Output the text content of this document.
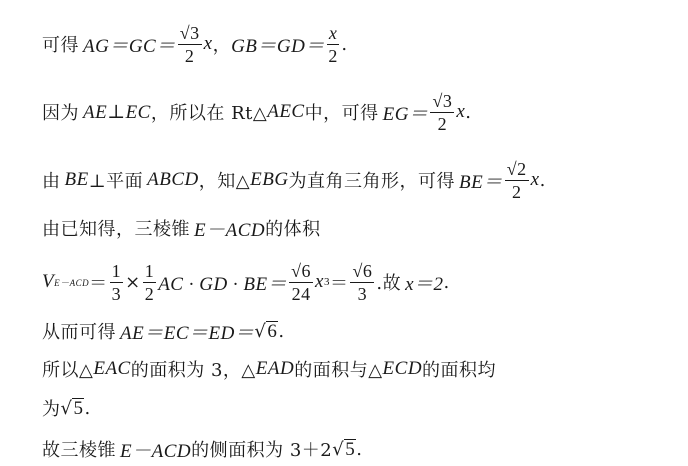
可得 $AG=GC= \frac{√3}{2}$ x ， $GB=GD= \frac{x}{2}$ .
因为 AE⊥EC ，所以在 Rt△ AEC 中，可得 $EG= \frac{√3}{2}$ x .
由 BE ⊥平面 ABCD ，知△ EBG 为直角三角形，可得 $BE= \frac{√2}{2}$ x .
由已知得，三棱锥 E－ACD 的体积
V $E-ACD = \frac{1}{3} \times \frac{1}{2}$ AC · GD · $BE= \frac{√6}{24}$ x $3 = \frac{√6}{3}$ .故 x＝2 .
从而可得 AE＝EC＝ED＝ √ 6 .
所以△ EAC 的面积为 3，△ EAD 的面积与△ ECD 的面积均
为 √ 5 .
故三棱锥 E－ACD 的侧面积为 3＋2 √ 5 .
